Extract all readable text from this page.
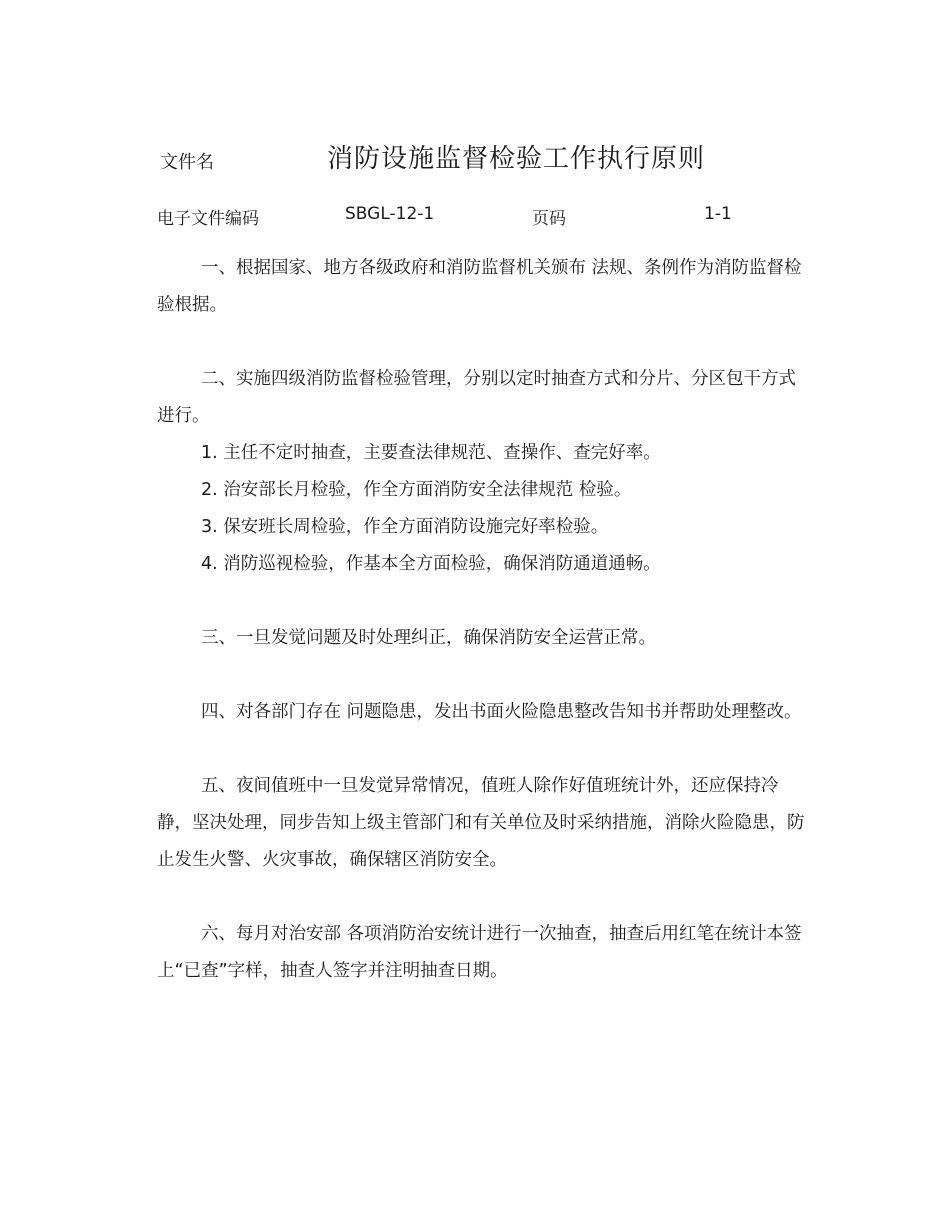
文件名	消防设施监督检验工作执行原则
电子文件编码	SBGL-12-1	页码	1-1

一、根据国家、地方各级政府和消防监督机关颁布 法规、条例作为消防监督检验根据。

二、实施四级消防监督检验管理，分别以定时抽查方式和分片、分区包干方式进行。

1. 主任不定时抽查，主要查法律规范、查操作、查完好率。

2. 治安部长月检验，作全方面消防安全法律规范 检验。

3. 保安班长周检验，作全方面消防设施完好率检验。

4. 消防巡视检验，作基本全方面检验，确保消防通道通畅。

三、一旦发觉问题及时处理纠正，确保消防安全运营正常。

四、对各部门存在 问题隐患，发出书面火险隐患整改告知书并帮助处理整改。

五、夜间值班中一旦发觉异常情况，值班人除作好值班统计外，还应保持冷静，坚决处理，同步告知上级主管部门和有关单位及时采纳措施，消除火险隐患，防止发生火警、火灾事故，确保辖区消防安全。

六、每月对治安部 各项消防治安统计进行一次抽查，抽查后用红笔在统计本签上“已查”字样，抽查人签字并注明抽查日期。
